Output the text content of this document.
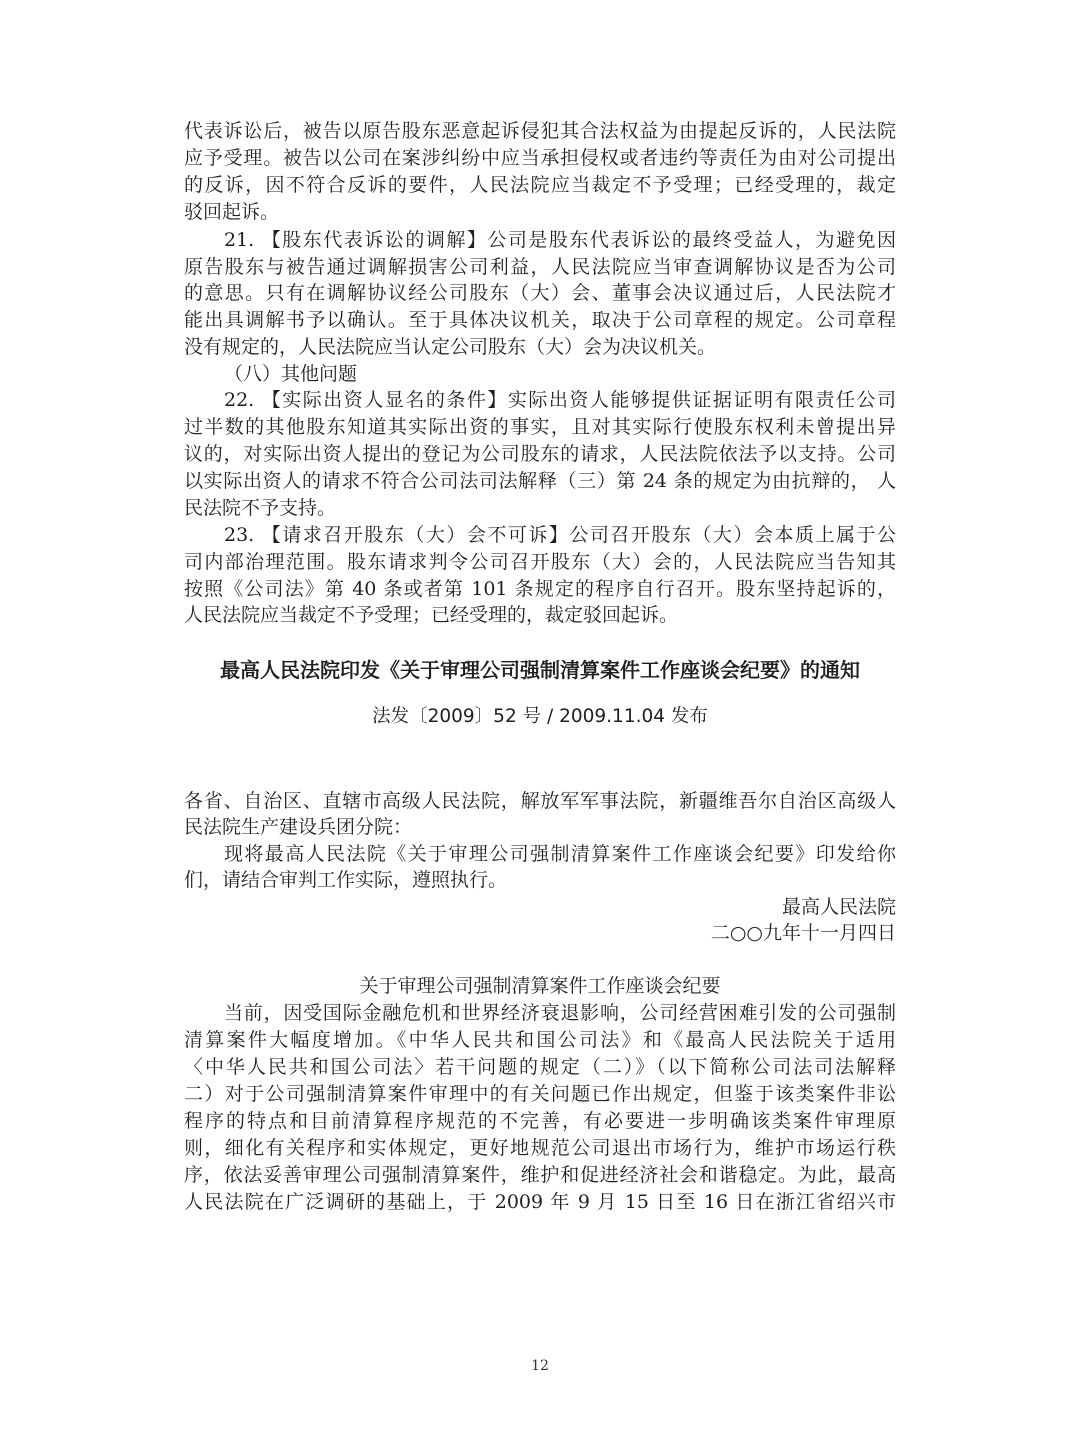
代表诉讼后，被告以原告股东恶意起诉侵犯其合法权益为由提起反诉的，人民法院
应予受理。被告以公司在案涉纠纷中应当承担侵权或者违约等责任为由对公司提出
的反诉，因不符合反诉的要件，人民法院应当裁定不予受理；已经受理的，裁定
驳回起诉。
21. 【股东代表诉讼的调解】公司是股东代表诉讼的最终受益人，为避免因
原告股东与被告通过调解损害公司利益，人民法院应当审查调解协议是否为公司
的意思。只有在调解协议经公司股东（大）会、董事会决议通过后，人民法院才
能出具调解书予以确认。至于具体决议机关，取决于公司章程的规定。公司章程
没有规定的，人民法院应当认定公司股东（大）会为决议机关。
（八）其他问题
22. 【实际出资人显名的条件】实际出资人能够提供证据证明有限责任公司
过半数的其他股东知道其实际出资的事实，且对其实际行使股东权利未曾提出异
议的，对实际出资人提出的登记为公司股东的请求，人民法院依法予以支持。公司
以实际出资人的请求不符合公司法司法解释（三）第 24 条的规定为由抗辩的， 人
民法院不予支持。
23. 【请求召开股东（大）会不可诉】公司召开股东（大）会本质上属于公
司内部治理范围。股东请求判令公司召开股东（大）会的，人民法院应当告知其
按照《公司法》第 40 条或者第 101 条规定的程序自行召开。股东坚持起诉的，
人民法院应当裁定不予受理；已经受理的，裁定驳回起诉。
最高人民法院印发《关于审理公司强制清算案件工作座谈会纪要》的通知
法发〔2009〕52 号 / 2009.11.04 发布
各省、自治区、直辖市高级人民法院，解放军军事法院，新疆维吾尔自治区高级人
民法院生产建设兵团分院：
现将最高人民法院《关于审理公司强制清算案件工作座谈会纪要》印发给你
们，请结合审判工作实际，遵照执行。
最高人民法院
二○○九年十一月四日
关于审理公司强制清算案件工作座谈会纪要
当前，因受国际金融危机和世界经济衰退影响，公司经营困难引发的公司强制
清算案件大幅度增加。《中华人民共和国公司法》和《最高人民法院关于适用
〈中华人民共和国公司法〉若干问题的规定（二）》（以下简称公司法司法解释
二）对于公司强制清算案件审理中的有关问题已作出规定，但鉴于该类案件非讼
程序的特点和目前清算程序规范的不完善，有必要进一步明确该类案件审理原
则，细化有关程序和实体规定，更好地规范公司退出市场行为，维护市场运行秩
序，依法妥善审理公司强制清算案件，维护和促进经济社会和谐稳定。为此，最高
人民法院在广泛调研的基础上，于 2009 年 9 月 15 日至 16 日在浙江省绍兴市
12
